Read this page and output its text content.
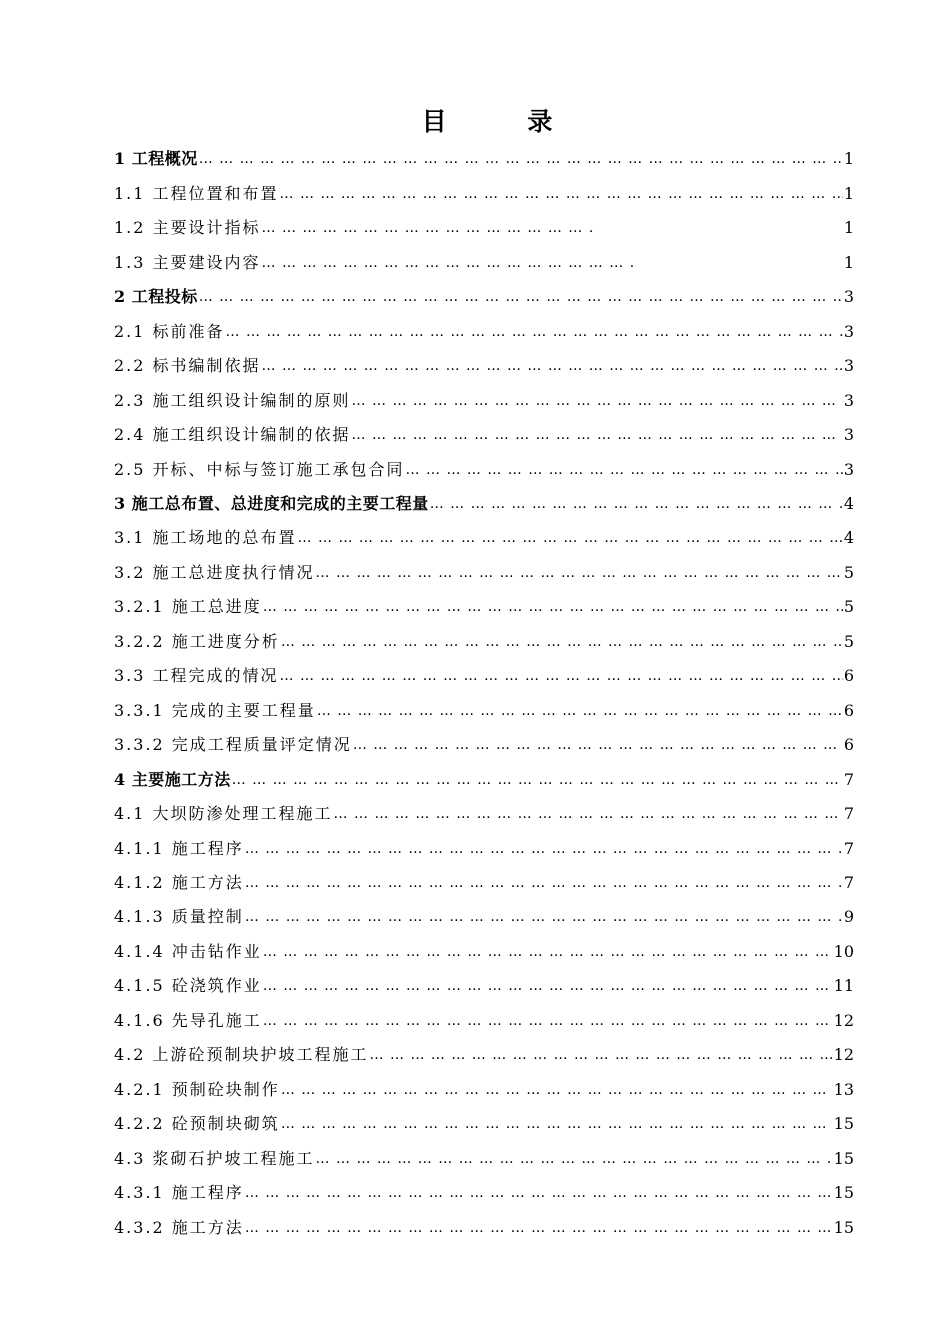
目 录
1 工程概况 … … … … … … … … … … … … … … … … … … … … … … … … … … … … … … … … … … … … … … … … … … … … … … … … … … … … … … …	1
1.1 工程位置和布置 … … … … … … … … … … … … … … … … … … … … … … … … … … … … … … … … … … … … … … … … … … … … … … … … … … … … … … …	1
1.2 主要设计指标 … … … … … … … … … … … … … … … … … … … … … … … … … … … … … … … … … … … … … … … … … … … … … … … … … … … … … … …	1
1.3 主要建设内容 … … … … … … … … … … … … … … … … … … … … … … … … … … … … … … … … … … … … … … … … … … … … … … … … … … … … … … …	1
2 工程投标 … … … … … … … … … … … … … … … … … … … … … … … … … … … … … … … … … … … … … … … … … … … … … … … … … … … … … … …	3
2.1 标前准备 … … … … … … … … … … … … … … … … … … … … … … … … … … … … … … … … … … … … … … … … … … … … … … … … … … … … … … …	3
2.2 标书编制依据 … … … … … … … … … … … … … … … … … … … … … … … … … … … … … … … … … … … … … … … … … … … … … … … … … … … … … … …	3
2.3 施工组织设计编制的原则 … … … … … … … … … … … … … … … … … … … … … … … … … … … … … … … … … … … … … … … … … … … … … … … … … … … … … … …	3
2.4 施工组织设计编制的依据 … … … … … … … … … … … … … … … … … … … … … … … … … … … … … … … … … … … … … … … … … … … … … … … … … … … … … … …	3
2.5 开标、中标与签订施工承包合同 … … … … … … … … … … … … … … … … … … … … … … … … … … … … … … … … … … … … … … … … … … … … … … … … … … … … … … …	3
3 施工总布置、总进度和完成的主要工程量 … … … … … … … … … … … … … … … … … … … … … … … … … … … … … … … … … … … … … … … … … … … … … … … … … … … … … … …	4
3.1 施工场地的总布置 … … … … … … … … … … … … … … … … … … … … … … … … … … … … … … … … … … … … … … … … … … … … … … … … … … … … … … …	4
3.2 施工总进度执行情况 … … … … … … … … … … … … … … … … … … … … … … … … … … … … … … … … … … … … … … … … … … … … … … … … … … … … … … …	5
3.2.1 施工总进度 … … … … … … … … … … … … … … … … … … … … … … … … … … … … … … … … … … … … … … … … … … … … … … … … … … … … … … …	5
3.2.2 施工进度分析 … … … … … … … … … … … … … … … … … … … … … … … … … … … … … … … … … … … … … … … … … … … … … … … … … … … … … … …	5
3.3 工程完成的情况 … … … … … … … … … … … … … … … … … … … … … … … … … … … … … … … … … … … … … … … … … … … … … … … … … … … … … … …	6
3.3.1 完成的主要工程量 … … … … … … … … … … … … … … … … … … … … … … … … … … … … … … … … … … … … … … … … … … … … … … … … … … … … … … …	6
3.3.2 完成工程质量评定情况 … … … … … … … … … … … … … … … … … … … … … … … … … … … … … … … … … … … … … … … … … … … … … … … … … … … … … … …	6
4 主要施工方法 … … … … … … … … … … … … … … … … … … … … … … … … … … … … … … … … … … … … … … … … … … … … … … … … … … … … … … …	7
4.1 大坝防渗处理工程施工 … … … … … … … … … … … … … … … … … … … … … … … … … … … … … … … … … … … … … … … … … … … … … … … … … … … … … … …	7
4.1.1 施工程序 … … … … … … … … … … … … … … … … … … … … … … … … … … … … … … … … … … … … … … … … … … … … … … … … … … … … … … …	7
4.1.2 施工方法 … … … … … … … … … … … … … … … … … … … … … … … … … … … … … … … … … … … … … … … … … … … … … … … … … … … … … … …	7
4.1.3 质量控制 … … … … … … … … … … … … … … … … … … … … … … … … … … … … … … … … … … … … … … … … … … … … … … … … … … … … … … …	9
4.1.4 冲击钻作业 … … … … … … … … … … … … … … … … … … … … … … … … … … … … … … … … … … … … … … … … … … … … … … … … … … … … … … …	10
4.1.5 砼浇筑作业 … … … … … … … … … … … … … … … … … … … … … … … … … … … … … … … … … … … … … … … … … … … … … … … … … … … … … … …	11
4.1.6 先导孔施工 … … … … … … … … … … … … … … … … … … … … … … … … … … … … … … … … … … … … … … … … … … … … … … … … … … … … … … …	12
4.2 上游砼预制块护坡工程施工 … … … … … … … … … … … … … … … … … … … … … … … … … … … … … … … … … … … … … … … … … … … … … … … … … … … … … … …	12
4.2.1 预制砼块制作 … … … … … … … … … … … … … … … … … … … … … … … … … … … … … … … … … … … … … … … … … … … … … … … … … … … … … … …	13
4.2.2 砼预制块砌筑 … … … … … … … … … … … … … … … … … … … … … … … … … … … … … … … … … … … … … … … … … … … … … … … … … … … … … … …	15
4.3 浆砌石护坡工程施工 … … … … … … … … … … … … … … … … … … … … … … … … … … … … … … … … … … … … … … … … … … … … … … … … … … … … … … …	15
4.3.1 施工程序 … … … … … … … … … … … … … … … … … … … … … … … … … … … … … … … … … … … … … … … … … … … … … … … … … … … … … … …	15
4.3.2 施工方法 … … … … … … … … … … … … … … … … … … … … … … … … … … … … … … … … … … … … … … … … … … … … … … … … … … … … … … …	15
